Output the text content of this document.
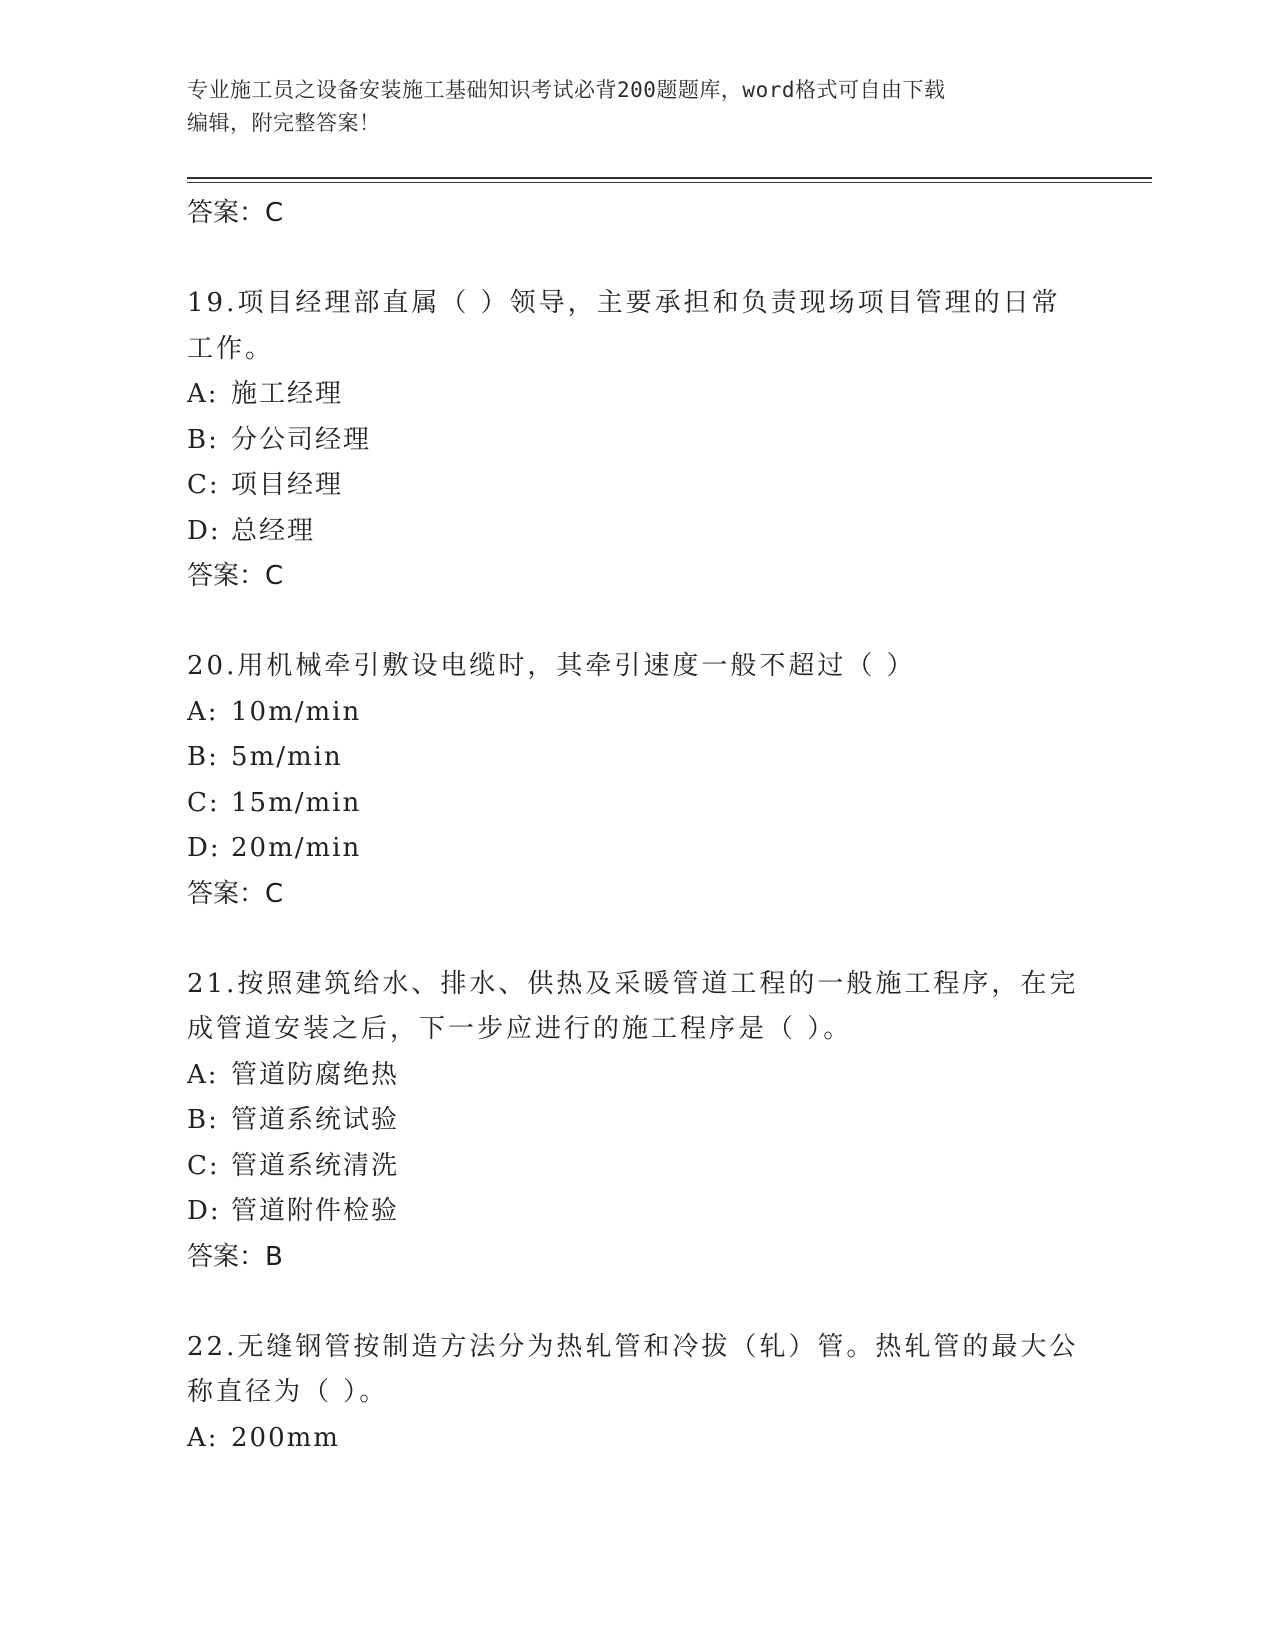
专业施工员之设备安装施工基础知识考试必背200题题库，word格式可自由下载
编辑，附完整答案！
答案：C
19.项目经理部直属（ ）领导，主要承担和负责现场项目管理的日常工作。
A: 施工经理
B: 分公司经理
C: 项目经理
D: 总经理
答案：C
20.用机械牵引敷设电缆时，其牵引速度一般不超过（ ）
A: 10m/min
B: 5m/min
C: 15m/min
D: 20m/min
答案：C
21.按照建筑给水、排水、供热及采暖管道工程的一般施工程序，在完成管道安装之后，下一步应进行的施工程序是（ ）。
A: 管道防腐绝热
B: 管道系统试验
C: 管道系统清洗
D: 管道附件检验
答案：B
22.无缝钢管按制造方法分为热轧管和冷拔（轧）管。热轧管的最大公称直径为（ ）。
A: 200mm
